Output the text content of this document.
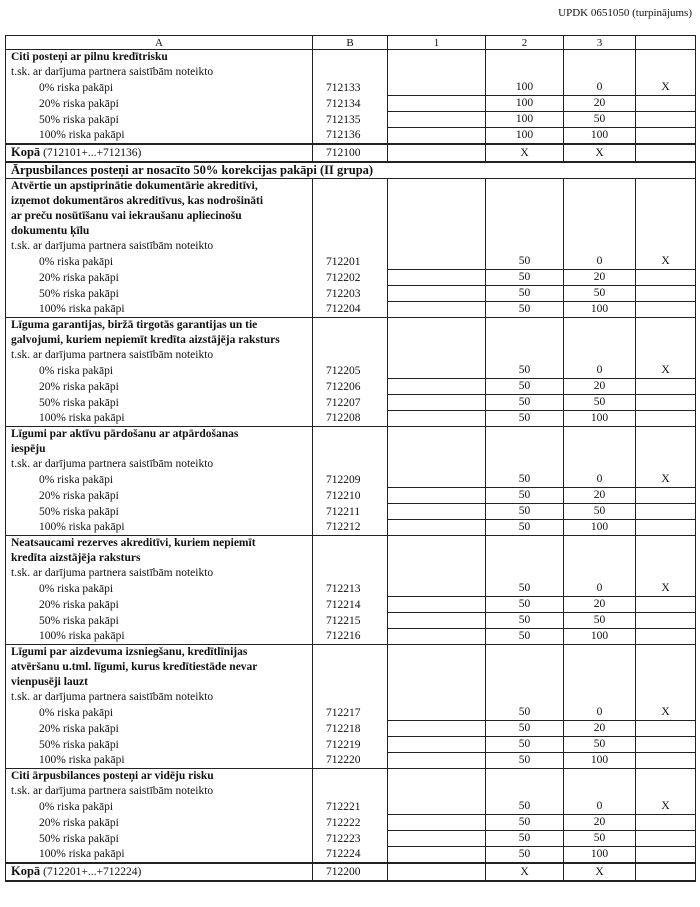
UPDK 0651050 (turpinājums)
A	B	1	2	3	
Citi posteņi ar pilnu kredītrisku					
t.sk. ar darījuma partnera saistībām noteikto					
0% riska pakāpi	712133		100	0	X
20% riska pakāpi	712134		100	20	
50% riska pakāpi	712135		100	50	
100% riska pakāpi	712136		100	100	
Kopā (712101+...+712136)	712100		X	X	
Ārpusbilances posteņi ar nosacīto 50% korekcijas pakāpi (II grupa)					
Atvērtie un apstiprinātie dokumentārie akreditīvi,					
izņemot dokumentāros akreditīvus, kas nodrošināti					
ar preču nosūtīšanu vai iekraušanu apliecinošu					
dokumentu ķīlu					
t.sk. ar darījuma partnera saistībām noteikto					
0% riska pakāpi	712201		50	0	X
20% riska pakāpi	712202		50	20	
50% riska pakāpi	712203		50	50	
100% riska pakāpi	712204		50	100	
Līguma garantijas, biržā tirgotās garantijas un tie					
galvojumi, kuriem nepiemīt kredīta aizstājēja raksturs					
t.sk. ar darījuma partnera saistībām noteikto					
0% riska pakāpi	712205		50	0	X
20% riska pakāpi	712206		50	20	
50% riska pakāpi	712207		50	50	
100% riska pakāpi	712208		50	100	
Līgumi par aktīvu pārdošanu ar atpārdošanas					
iespēju					
t.sk. ar darījuma partnera saistībām noteikto					
0% riska pakāpi	712209		50	0	X
20% riska pakāpi	712210		50	20	
50% riska pakāpi	712211		50	50	
100% riska pakāpi	712212		50	100	
Neatsaucami rezerves akreditīvi, kuriem nepiemīt					
kredīta aizstājēja raksturs					
t.sk. ar darījuma partnera saistībām noteikto					
0% riska pakāpi	712213		50	0	X
20% riska pakāpi	712214		50	20	
50% riska pakāpi	712215		50	50	
100% riska pakāpi	712216		50	100	
Līgumi par aizdevuma izsniegšanu, kredītlīnijas					
atvēršanu u.tml. līgumi, kurus kredītiestāde nevar					
vienpusēji lauzt					
t.sk. ar darījuma partnera saistībām noteikto					
0% riska pakāpi	712217		50	0	X
20% riska pakāpi	712218		50	20	
50% riska pakāpi	712219		50	50	
100% riska pakāpi	712220		50	100	
Citi ārpusbilances posteņi ar vidēju risku					
t.sk. ar darījuma partnera saistībām noteikto					
0% riska pakāpi	712221		50	0	X
20% riska pakāpi	712222		50	20	
50% riska pakāpi	712223		50	50	
100% riska pakāpi	712224		50	100	
Kopā (712201+...+712224)	712200		X	X	
